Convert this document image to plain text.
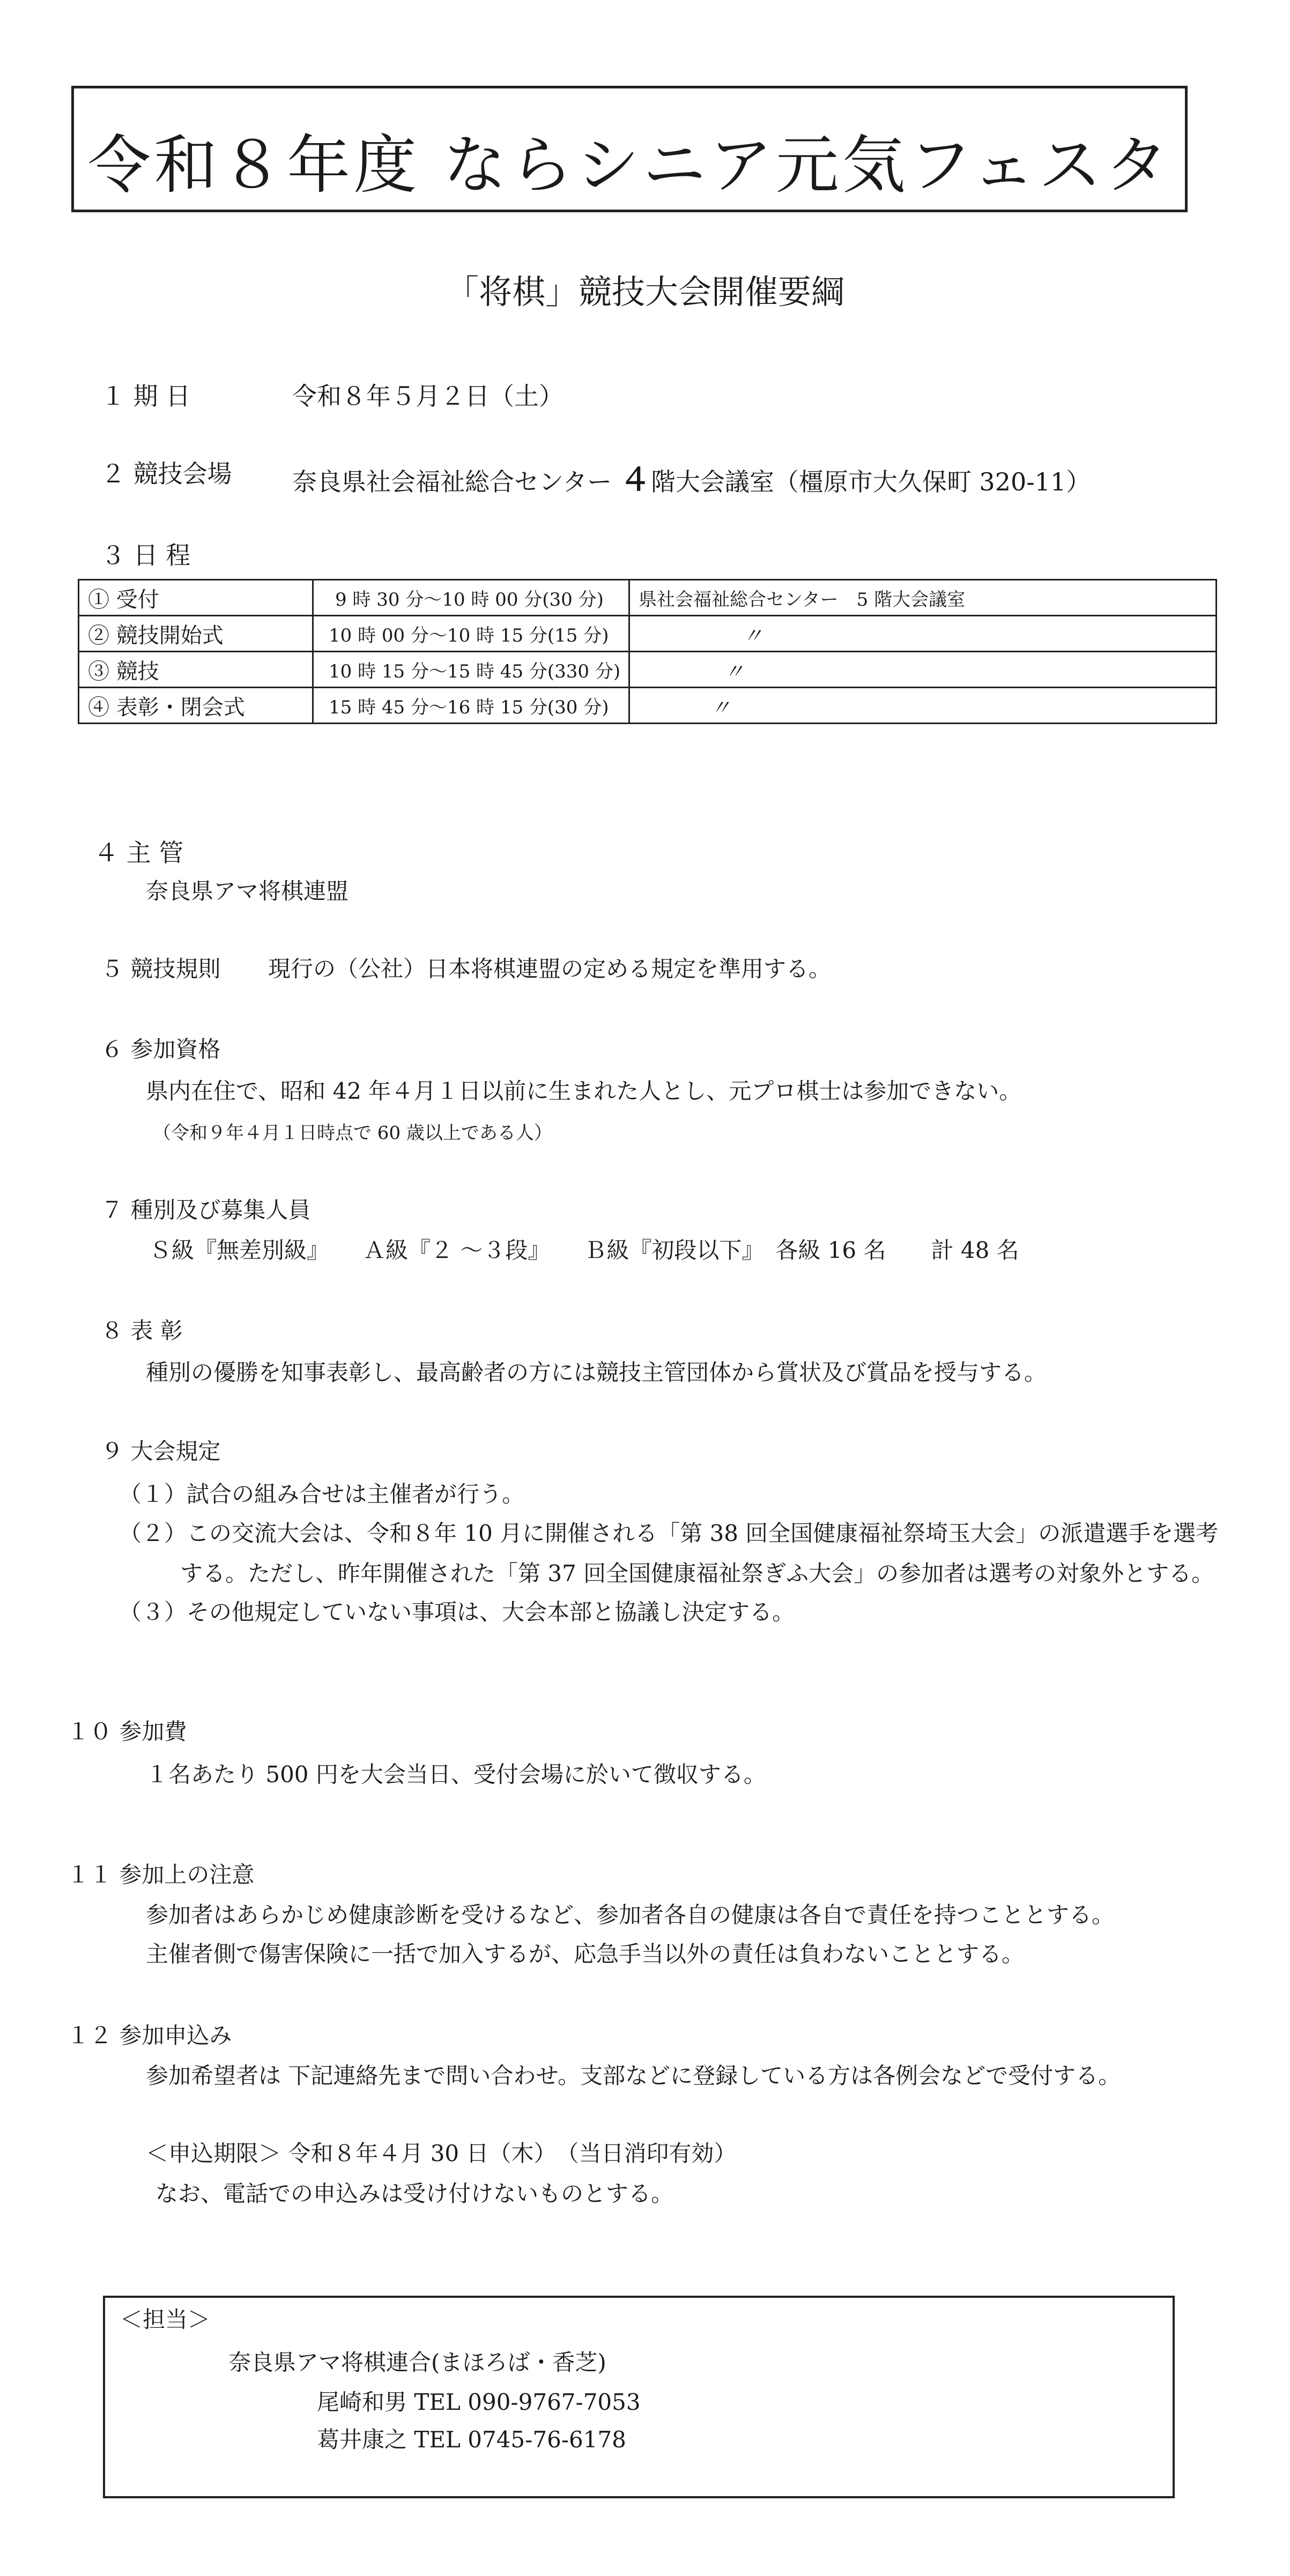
令和８年度 ならシニア元気フェスタ
「将棋」競技大会開催要綱
１ 期 日	令和８年５月２日（土）
２ 競技会場 奈良県社会福祉総合センター ４階大会議室（橿原市大久保町 320-11）
３ 日 程
① 受付	9 時 30 分～10 時 00 分(30 分)	県社会福祉総合センター　5 階大会議室
② 競技開始式	10 時 00 分～10 時 15 分(15 分)	〃
③ 競技	10 時 15 分～15 時 45 分(330 分)	〃
④ 表彰・閉会式	15 時 45 分～16 時 15 分(30 分)	〃
４ 主 管
奈良県アマ将棋連盟
５ 競技規則 現行の（公社）日本将棋連盟の定める規定を準用する。
６ 参加資格
県内在住で、昭和 42 年４月１日以前に生まれた人とし、元プロ棋士は参加できない。
（令和９年４月１日時点で 60 歳以上である人）
７ 種別及び募集人員
Ｓ級『無差別級』　　Ａ級『２ ～３段』　　Ｂ級『初段以下』　各級 16 名　　計 48 名
８ 表 彰
種別の優勝を知事表彰し、最高齢者の方には競技主管団体から賞状及び賞品を授与する。
９ 大会規定
（１）試合の組み合せは主催者が行う。
（２）この交流大会は、令和８年 10 月に開催される「第 38 回全国健康福祉祭埼玉大会」の派遣選手を選考
する。ただし、昨年開催された「第 37 回全国健康福祉祭ぎふ大会」の参加者は選考の対象外とする。
（３）その他規定していない事項は、大会本部と協議し決定する。
１０ 参加費
１名あたり 500 円を大会当日、受付会場に於いて徴収する。
１１ 参加上の注意
参加者はあらかじめ健康診断を受けるなど、参加者各自の健康は各自で責任を持つこととする。
主催者側で傷害保険に一括で加入するが、応急手当以外の責任は負わないこととする。
１２ 参加申込み
参加希望者は 下記連絡先まで問い合わせ。支部などに登録している方は各例会などで受付する。
＜申込期限＞ 令和８年４月 30 日（木）　（当日消印有効）
なお、電話での申込みは受け付けないものとする。
＜担当＞
奈良県アマ将棋連合(まほろば・香芝)
尾崎和男 TEL 090-9767-7053
葛井康之 TEL 0745-76-6178
